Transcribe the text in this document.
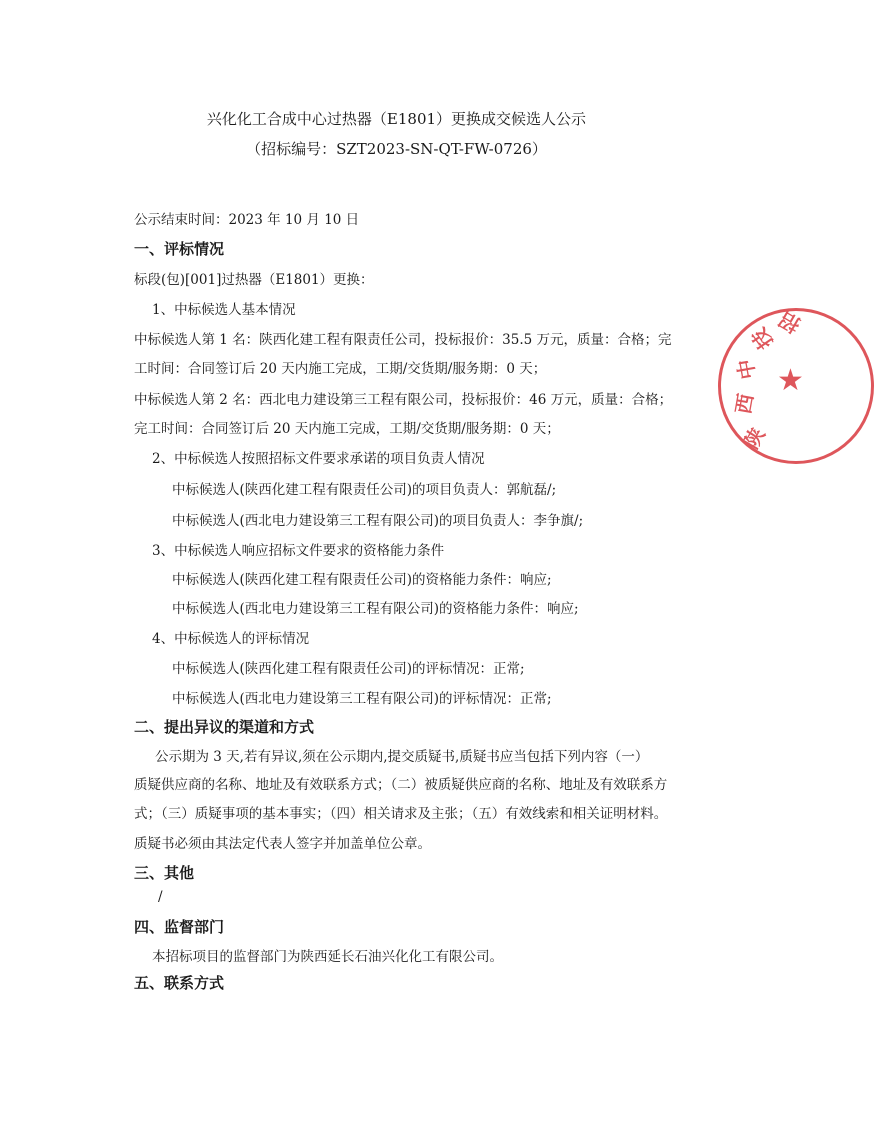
兴化化工合成中心过热器（E1801）更换成交候选人公示
（招标编号：SZT2023-SN-QT-FW-0726）
公示结束时间：2023 年 10 月 10 日
一、评标情况
标段(包)[001]过热器（E1801）更换：
1、中标候选人基本情况
中标候选人第 1 名：陕西化建工程有限责任公司，投标报价：35.5 万元，质量：合格；完
工时间：合同签订后 20 天内施工完成，工期/交货期/服务期：0 天；
中标候选人第 2 名：西北电力建设第三工程有限公司，投标报价：46 万元，质量：合格；
完工时间：合同签订后 20 天内施工完成，工期/交货期/服务期：0 天；
2、中标候选人按照招标文件要求承诺的项目负责人情况
中标候选人(陕西化建工程有限责任公司)的项目负责人：郭航磊/;
中标候选人(西北电力建设第三工程有限公司)的项目负责人：李争旗/;
3、中标候选人响应招标文件要求的资格能力条件
中标候选人(陕西化建工程有限责任公司)的资格能力条件：响应;
中标候选人(西北电力建设第三工程有限公司)的资格能力条件：响应;
4、中标候选人的评标情况
中标候选人(陕西化建工程有限责任公司)的评标情况：正常;
中标候选人(西北电力建设第三工程有限公司)的评标情况：正常;
二、提出异议的渠道和方式
公示期为 3 天,若有异议,须在公示期内,提交质疑书,质疑书应当包括下列内容（一）
质疑供应商的名称、地址及有效联系方式；（二）被质疑供应商的名称、地址及有效联系方
式；（三）质疑事项的基本事实；（四）相关请求及主张；（五）有效线索和相关证明材料。
质疑书必须由其法定代表人签字并加盖单位公章。
三、其他
/
四、监督部门
本招标项目的监督部门为陕西延长石油兴化化工有限公司。
五、联系方式
陕
西
中
技
招
★
